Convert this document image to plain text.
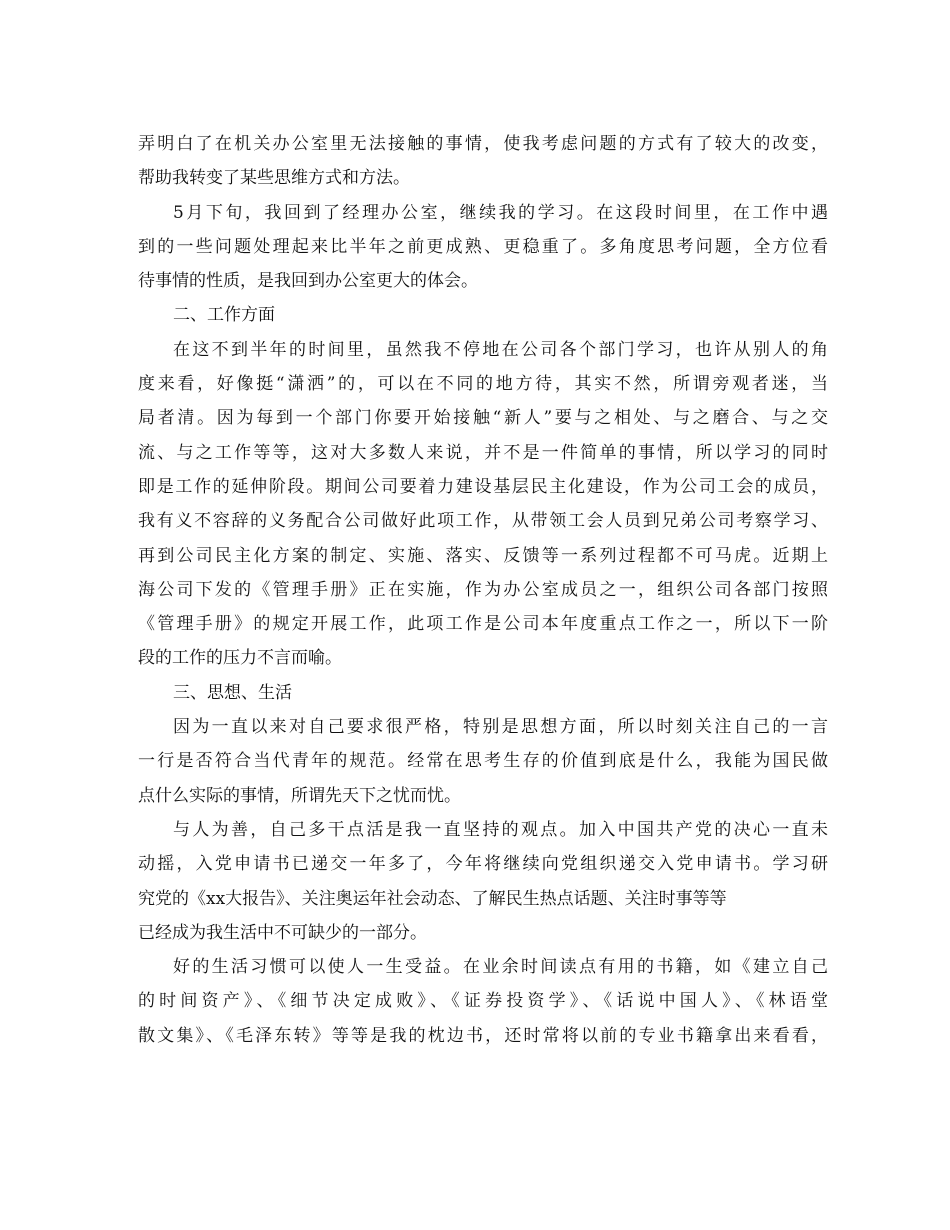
弄明白了在机关办公室里无法接触的事情，使我考虑问题的方式有了较大的改变，
帮助我转变了某些思维方式和方法。
5月下旬，我回到了经理办公室，继续我的学习。在这段时间里，在工作中遇
到的一些问题处理起来比半年之前更成熟、更稳重了。多角度思考问题，全方位看
待事情的性质，是我回到办公室更大的体会。
二、工作方面
在这不到半年的时间里，虽然我不停地在公司各个部门学习，也许从别人的角
度来看，好像挺“潇洒”的，可以在不同的地方待，其实不然，所谓旁观者迷，当
局者清。因为每到一个部门你要开始接触“新人”要与之相处、与之磨合、与之交
流、与之工作等等，这对大多数人来说，并不是一件简单的事情，所以学习的同时
即是工作的延伸阶段。期间公司要着力建设基层民主化建设，作为公司工会的成员，
我有义不容辞的义务配合公司做好此项工作，从带领工会人员到兄弟公司考察学习、
再到公司民主化方案的制定、实施、落实、反馈等一系列过程都不可马虎。近期上
海公司下发的《管理手册》正在实施，作为办公室成员之一，组织公司各部门按照
《管理手册》的规定开展工作，此项工作是公司本年度重点工作之一，所以下一阶
段的工作的压力不言而喻。
三、思想、生活
因为一直以来对自己要求很严格，特别是思想方面，所以时刻关注自己的一言
一行是否符合当代青年的规范。经常在思考生存的价值到底是什么，我能为国民做
点什么实际的事情，所谓先天下之忧而忧。
与人为善，自己多干点活是我一直坚持的观点。加入中国共产党的决心一直未
动摇，入党申请书已递交一年多了，今年将继续向党组织递交入党申请书。学习研
究党的《xx大报告》、关注奥运年社会动态、了解民生热点话题、关注时事等等
已经成为我生活中不可缺少的一部分。
好的生活习惯可以使人一生受益。在业余时间读点有用的书籍，如《建立自己
的时间资产》、《细节决定成败》、《证券投资学》、《话说中国人》、《林语堂
散文集》、《毛泽东转》等等是我的枕边书，还时常将以前的专业书籍拿出来看看，
